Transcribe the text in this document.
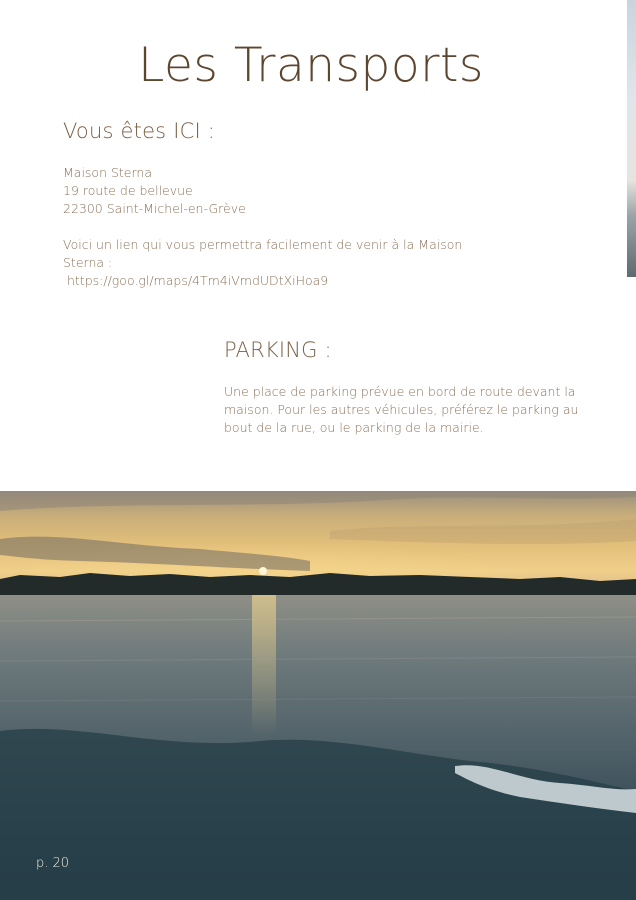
Les Transports
Vous êtes ICI :
Maison Sterna
19 route de bellevue
22300 Saint-Michel-en-Grève
Voici un lien qui vous permettra facilement de venir à la Maison Sterna :
https://goo.gl/maps/4Tm4iVmdUDtXiHoa9
PARKING :
Une place de parking prévue en bord de route devant la maison. Pour les autres véhicules, préférez le parking au bout de la rue, ou le parking de la mairie.
p. 20
